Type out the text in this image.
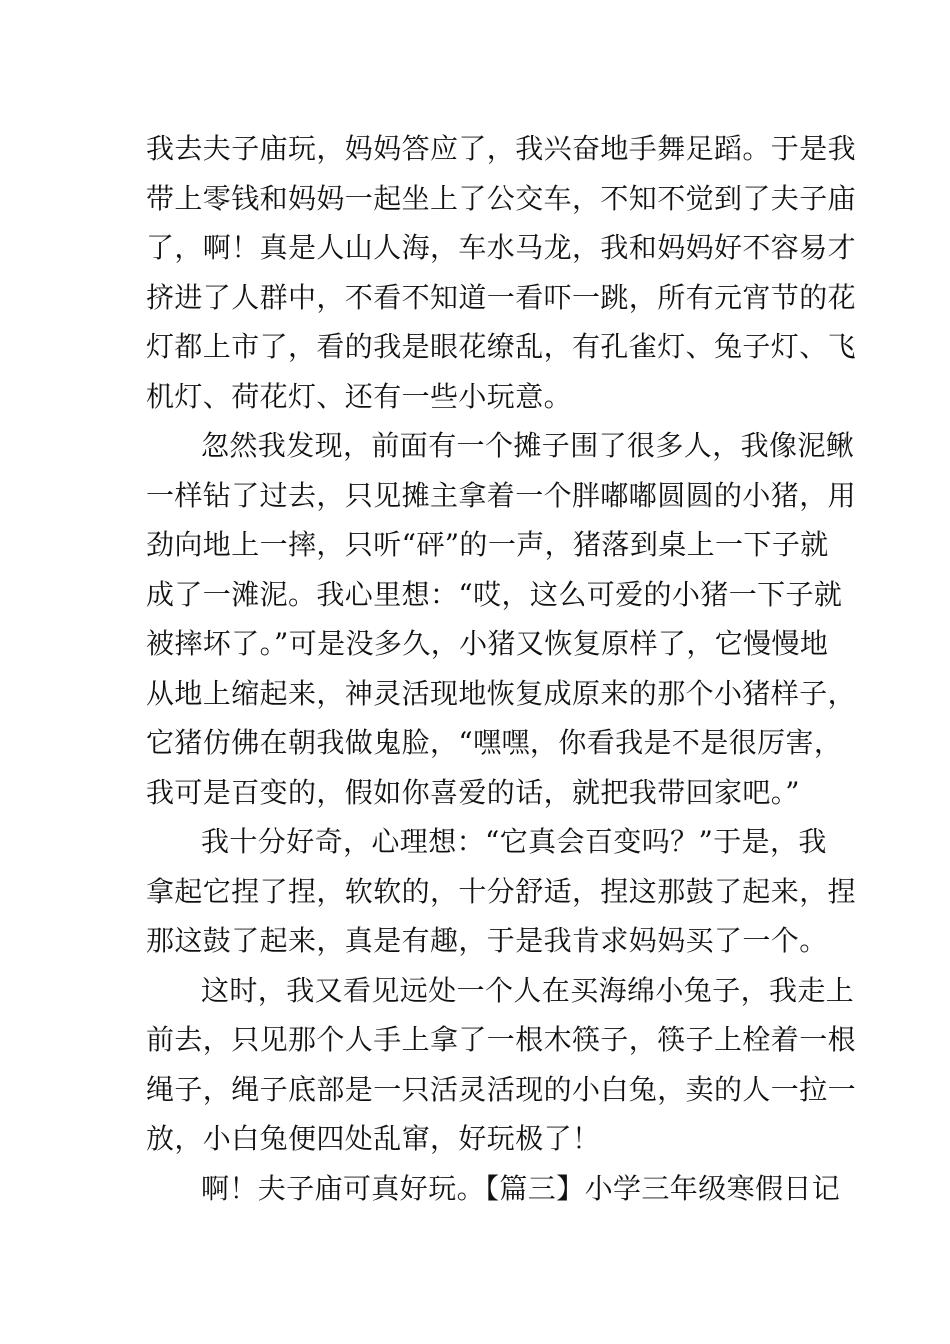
我去夫子庙玩，妈妈答应了，我兴奋地手舞足蹈。于是我
带上零钱和妈妈一起坐上了公交车，不知不觉到了夫子庙
了，啊！真是人山人海，车水马龙，我和妈妈好不容易才
挤进了人群中，不看不知道一看吓一跳，所有元宵节的花
灯都上市了，看的我是眼花缭乱，有孔雀灯、兔子灯、飞
机灯、荷花灯、还有一些小玩意。
忽然我发现，前面有一个摊子围了很多人，我像泥鳅
一样钻了过去，只见摊主拿着一个胖嘟嘟圆圆的小猪，用
劲向地上一摔，只听“砰”的一声，猪落到桌上一下子就
成了一滩泥。我心里想：“哎，这么可爱的小猪一下子就
被摔坏了。”可是没多久，小猪又恢复原样了，它慢慢地
从地上缩起来，神灵活现地恢复成原来的那个小猪样子，
它猪仿佛在朝我做鬼脸，“嘿嘿，你看我是不是很厉害，
我可是百变的，假如你喜爱的话，就把我带回家吧。”
我十分好奇，心理想：“它真会百变吗？”于是，我
拿起它捏了捏，软软的，十分舒适，捏这那鼓了起来，捏
那这鼓了起来，真是有趣，于是我肯求妈妈买了一个。
这时，我又看见远处一个人在买海绵小兔子，我走上
前去，只见那个人手上拿了一根木筷子，筷子上栓着一根
绳子，绳子底部是一只活灵活现的小白兔，卖的人一拉一
放，小白兔便四处乱窜，好玩极了！
啊！夫子庙可真好玩。【篇三】小学三年级寒假日记
